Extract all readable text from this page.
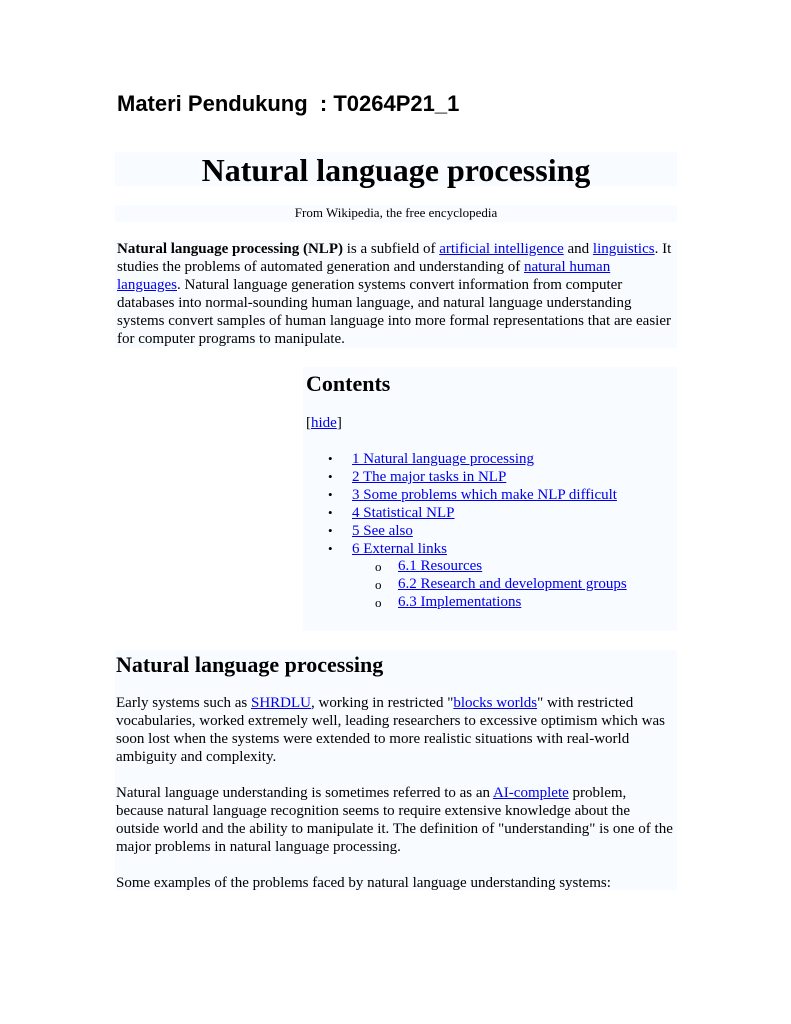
Materi Pendukung  : T0264P21_1

Natural language processing

From Wikipedia, the free encyclopedia

Natural language processing (NLP) is a subfield of artificial intelligence and linguistics. It studies the problems of automated generation and understanding of natural human languages. Natural language generation systems convert information from computer databases into normal-sounding human language, and natural language understanding systems convert samples of human language into more formal representations that are easier for computer programs to manipulate.

Contents
[hide]
• 1 Natural language processing
• 2 The major tasks in NLP
• 3 Some problems which make NLP difficult
• 4 Statistical NLP
• 5 See also
• 6 External links
o 6.1 Resources
o 6.2 Research and development groups
o 6.3 Implementations
Natural language processing

Early systems such as SHRDLU, working in restricted "blocks worlds" with restricted vocabularies, worked extremely well, leading researchers to excessive optimism which was soon lost when the systems were extended to more realistic situations with real-world ambiguity and complexity.

Natural language understanding is sometimes referred to as an AI-complete problem, because natural language recognition seems to require extensive knowledge about the outside world and the ability to manipulate it. The definition of "understanding" is one of the major problems in natural language processing.

Some examples of the problems faced by natural language understanding systems:
